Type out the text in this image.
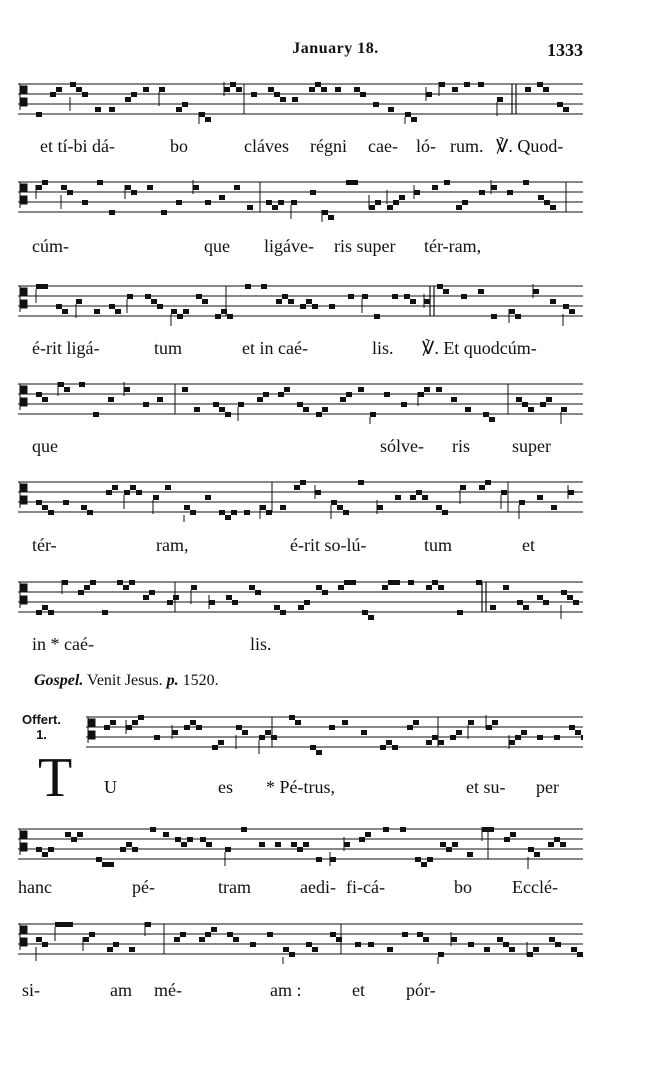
January 18.	1333
et tí-bi dá-	bo	cláves régni cae- ló- rum. ℣. Quod-
cúm-	que ligáve- ris super tér-ram,
é-rit ligá-	tum	et in caé-	lis. ℣. Et quodcúm-
que	sólve- ris super
tér-	ram,	é-rit so-lú-	tum	et
in * caé-	lis.
U	es * Pé-trus,	et su- per
hanc	pé-	tram	aedi- fi-cá-	bo Ecclé-
si-	am mé-	am :	et pór-
Gospel. Venit Jesus. p. 1520.
Offert.
1.
T
